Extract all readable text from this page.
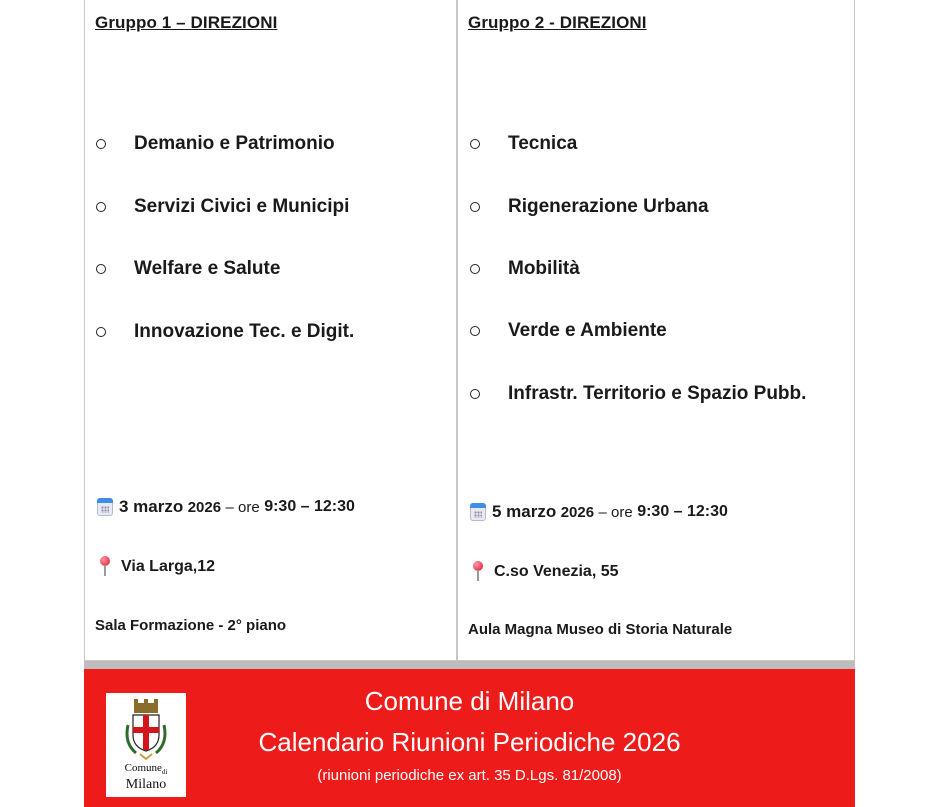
Gruppo 1 – DIREZIONI
Demanio e Patrimonio
Servizi Civici e Municipi
Welfare e Salute
Innovazione Tec. e Digit.
3 marzo
2026
– ore
9:30 – 12:30
Via Larga,12
Sala Formazione - 2° piano
Gruppo 2 - DIREZIONI
Tecnica
Rigenerazione Urbana
Mobilità
Verde e Ambiente
Infrastr. Territorio e Spazio Pubb.
5 marzo
2026
– ore
9:30 – 12:30
C.so Venezia, 55
Aula Magna Museo di Storia Naturale
Comune$_{di}$
Milano
Comune di Milano
Calendario Riunioni Periodiche 2026
(riunioni periodiche ex art. 35 D.Lgs. 81/2008)
